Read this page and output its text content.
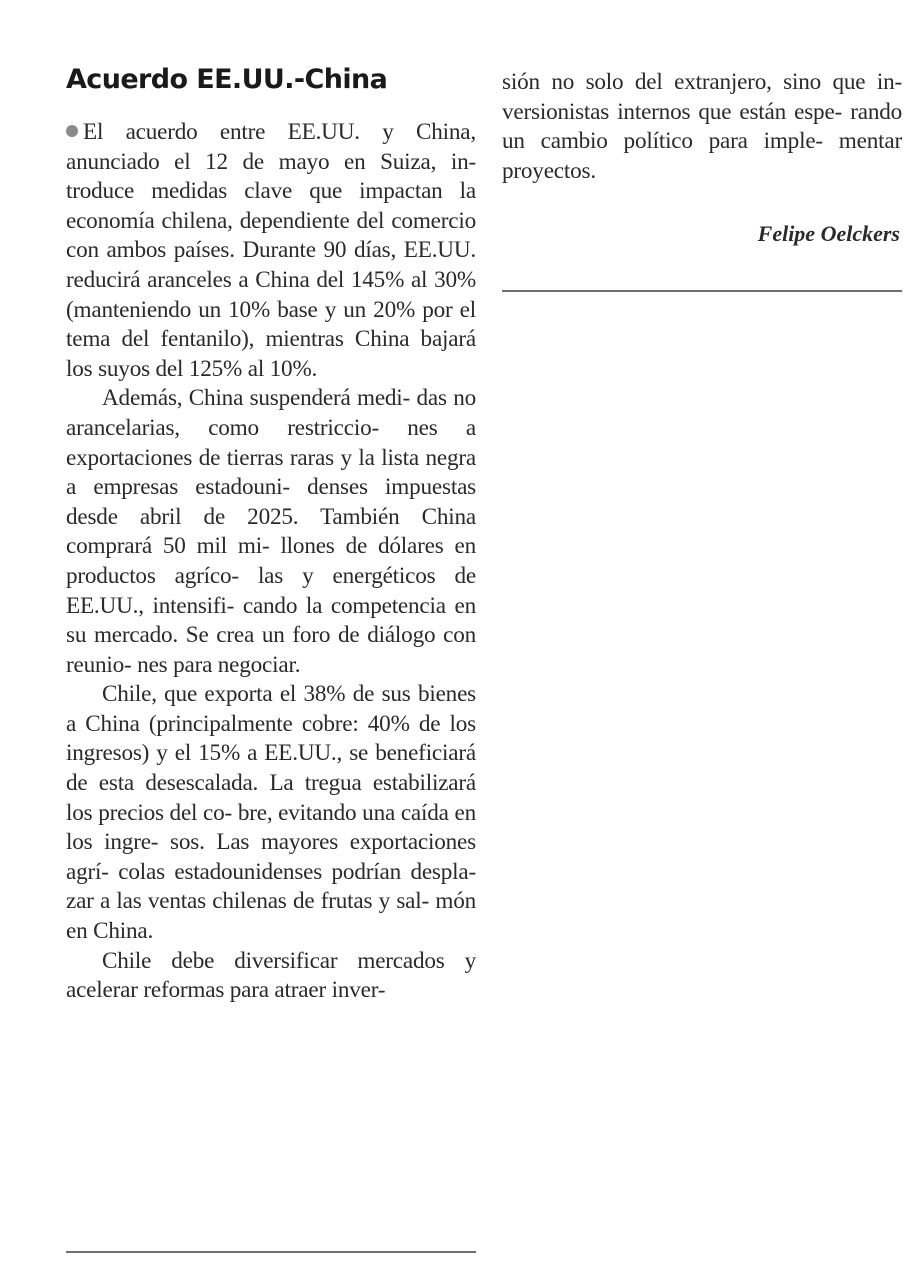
Acuerdo EE.UU.-China

El acuerdo entre EE.UU. y China, anunciado el 12 de mayo en Suiza, in- troduce medidas clave que impactan la economía chilena, dependiente del comercio con ambos países. Durante 90 días, EE.UU. reducirá aranceles a China del 145% al 30% (manteniendo un 10% base y un 20% por el tema del fentanilo), mientras China bajará los suyos del 125% al 10%.

Además, China suspenderá medi- das no arancelarias, como restriccio- nes a exportaciones de tierras raras y la lista negra a empresas estadouni- denses impuestas desde abril de 2025. También China comprará 50 mil mi- llones de dólares en productos agríco- las y energéticos de EE.UU., intensifi- cando la competencia en su mercado. Se crea un foro de diálogo con reunio- nes para negociar.

Chile, que exporta el 38% de sus bienes a China (principalmente cobre: 40% de los ingresos) y el 15% a EE.UU., se beneficiará de esta desescalada. La tregua estabilizará los precios del co- bre, evitando una caída en los ingre- sos. Las mayores exportaciones agrí- colas estadounidenses podrían despla- zar a las ventas chilenas de frutas y sal- món en China.

Chile debe diversificar mercados y acelerar reformas para atraer inver-

sión no solo del extranjero, sino que in- versionistas internos que están espe- rando un cambio político para imple- mentar proyectos.

Felipe Oelckers
